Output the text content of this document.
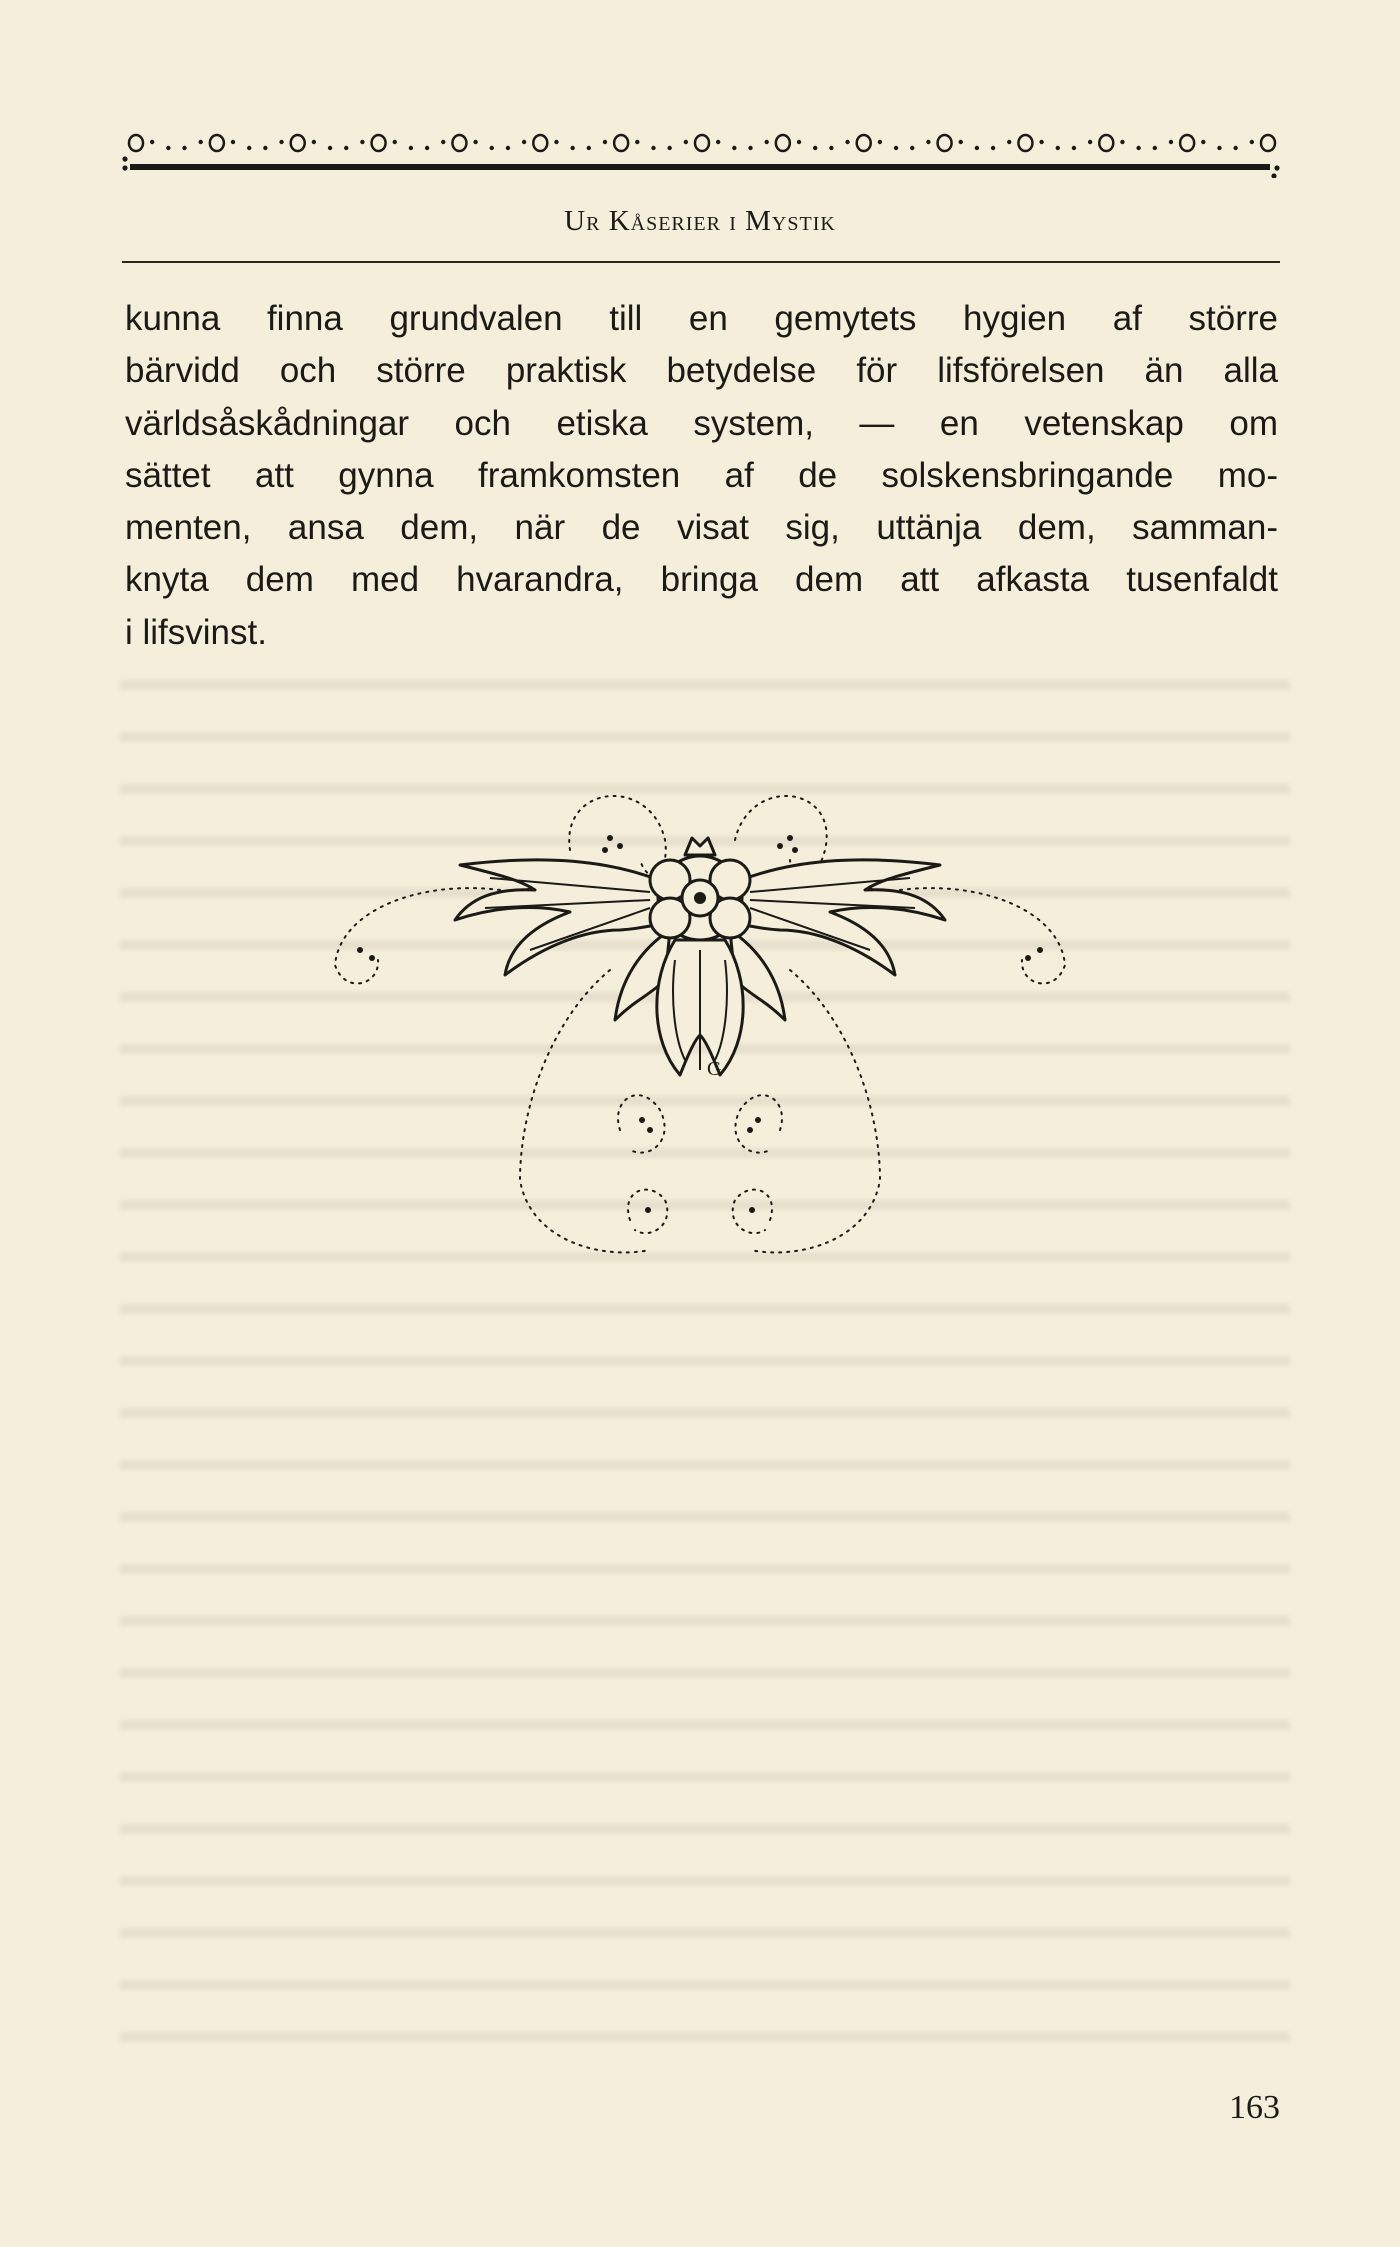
Ur Kåserier i Mystik
kunna finna grundvalen till en gemytets hygien af större
bärvidd och större praktisk betydelse för lifsförelsen än alla
världsåskådningar och etiska system, — en vetenskap om
sättet att gynna framkomsten af de solskensbringande mo-
menten, ansa dem, när de visat sig, uttänja dem, samman-
knyta dem med hvarandra, bringa dem att afkasta tusenfaldt
i lifsvinst.
G
163
